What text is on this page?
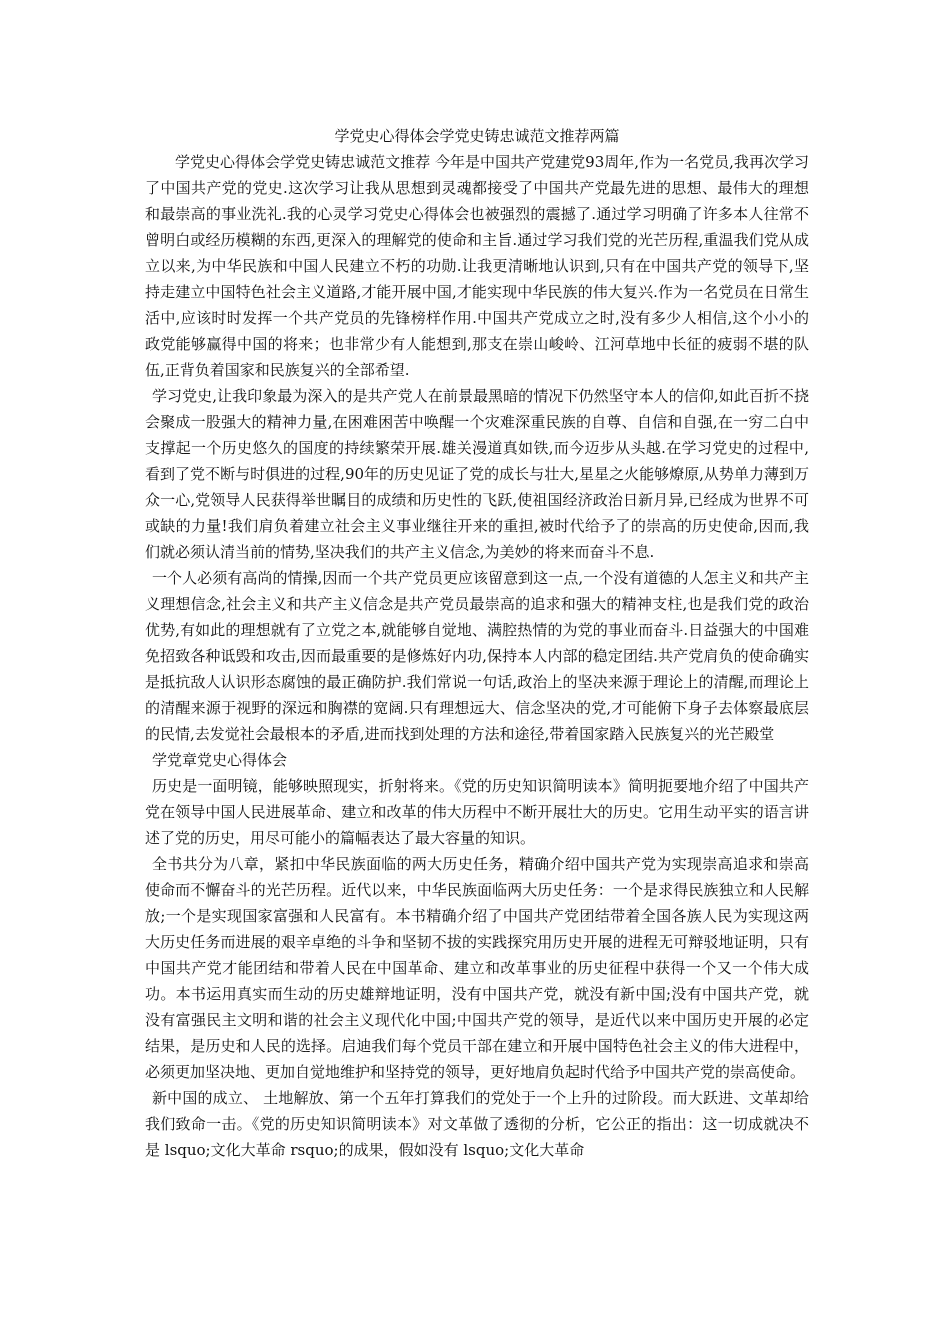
学党史心得体会学党史铸忠诚范文推荐两篇

学党史心得体会学党史铸忠诚范文推荐 今年是中国共产党建党93周年,作为一名党员,我再次学习了中国共产党的党史.这次学习让我从思想到灵魂都接受了中国共产党最先进的思想、最伟大的理想和最崇高的事业洗礼.我的心灵学习党史心得体会也被强烈的震撼了.通过学习明确了许多本人往常不曾明白或经历模糊的东西,更深入的理解党的使命和主旨.通过学习我们党的光芒历程,重温我们党从成立以来,为中华民族和中国人民建立不朽的功勋.让我更清晰地认识到,只有在中国共产党的领导下,坚持走建立中国特色社会主义道路,才能开展中国,才能实现中华民族的伟大复兴.作为一名党员在日常生活中,应该时时发挥一个共产党员的先锋榜样作用.中国共产党成立之时,没有多少人相信,这个小小的政党能够赢得中国的将来；也非常少有人能想到,那支在崇山峻岭、江河草地中长征的疲弱不堪的队伍,正背负着国家和民族复兴的全部希望.

学习党史,让我印象最为深入的是共产党人在前景最黑暗的情况下仍然坚守本人的信仰,如此百折不挠会聚成一股强大的精神力量,在困难困苦中唤醒一个灾难深重民族的自尊、自信和自强,在一穷二白中支撑起一个历史悠久的国度的持续繁荣开展.雄关漫道真如铁,而今迈步从头越.在学习党史的过程中,看到了党不断与时俱进的过程,90年的历史见证了党的成长与壮大,星星之火能够燎原,从势单力薄到万众一心,党领导人民获得举世瞩目的成绩和历史性的飞跃,使祖国经济政治日新月异,已经成为世界不可或缺的力量!我们肩负着建立社会主义事业继往开来的重担,被时代给予了的崇高的历史使命,因而,我们就必须认清当前的情势,坚决我们的共产主义信念,为美妙的将来而奋斗不息.

一个人必须有高尚的情操,因而一个共产党员更应该留意到这一点,一个没有道德的人怎主义和共产主义理想信念,社会主义和共产主义信念是共产党员最崇高的追求和强大的精神支柱,也是我们党的政治优势,有如此的理想就有了立党之本,就能够自觉地、满腔热情的为党的事业而奋斗.日益强大的中国难免招致各种诋毁和攻击,因而最重要的是修炼好内功,保持本人内部的稳定团结.共产党肩负的使命确实是抵抗敌人认识形态腐蚀的最正确防护.我们常说一句话,政治上的坚决来源于理论上的清醒,而理论上的清醒来源于视野的深远和胸襟的宽阔.只有理想远大、信念坚决的党,才可能俯下身子去体察最底层的民情,去发觉社会最根本的矛盾,进而找到处理的方法和途径,带着国家踏入民族复兴的光芒殿堂

学党章党史心得体会

历史是一面明镜，能够映照现实，折射将来。《党的历史知识简明读本》简明扼要地介绍了中国共产党在领导中国人民进展革命、建立和改革的伟大历程中不断开展壮大的历史。它用生动平实的语言讲述了党的历史，用尽可能小的篇幅表达了最大容量的知识。

全书共分为八章，紧扣中华民族面临的两大历史任务，精确介绍中国共产党为实现崇高追求和崇高使命而不懈奋斗的光芒历程。近代以来，中华民族面临两大历史任务：一个是求得民族独立和人民解放;一个是实现国家富强和人民富有。本书精确介绍了中国共产党团结带着全国各族人民为实现这两大历史任务而进展的艰辛卓绝的斗争和坚韧不拔的实践探究用历史开展的进程无可辩驳地证明，只有中国共产党才能团结和带着人民在中国革命、建立和改革事业的历史征程中获得一个又一个伟大成功。本书运用真实而生动的历史雄辩地证明，没有中国共产党，就没有新中国;没有中国共产党，就没有富强民主文明和谐的社会主义现代化中国;中国共产党的领导，是近代以来中国历史开展的必定结果，是历史和人民的选择。启迪我们每个党员干部在建立和开展中国特色社会主义的伟大进程中，必须更加坚决地、更加自觉地维护和坚持党的领导，更好地肩负起时代给予中国共产党的崇高使命。

新中国的成立、 土地解放、第一个五年打算我们的党处于一个上升的过阶段。而大跃进、文革却给我们致命一击。《党的历史知识简明读本》对文革做了透彻的分析，它公正的指出：这一切成就决不是 lsquo;文化大革命 rsquo;的成果，假如没有 lsquo;文化大革命
